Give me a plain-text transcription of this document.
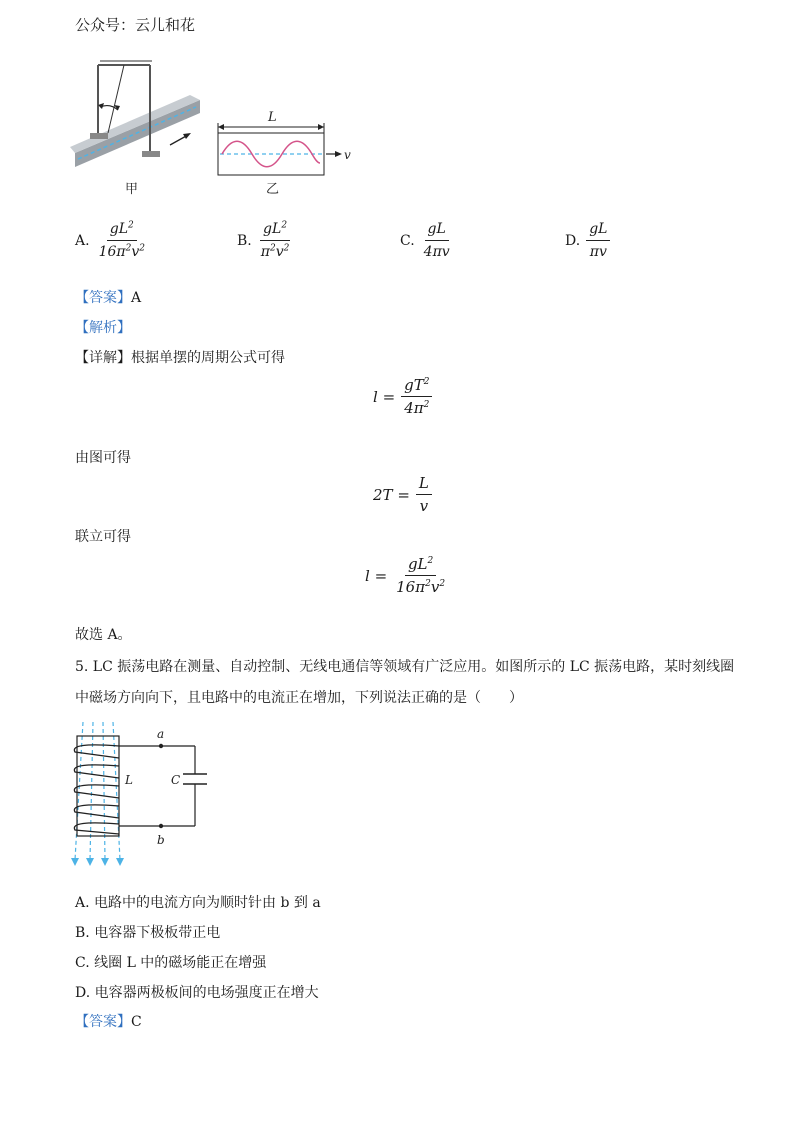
公众号：云儿和花
甲
L
v
乙
A. $\frac{gL^2}{16\pi^2v^2}$	B. $\frac{gL^2}{\pi^2v^2}$	C. $\frac{gL}{4\pi v}$	D. $\frac{gL}{\pi v}$
【答案】A
【解析】
【详解】根据单摆的周期公式可得
$l = \frac{gT^2}{4\pi^2}$
由图可得
$2T = \frac{L}{v}$
联立可得
$l = \frac{gL^2}{16\pi^2v^2}$
故选 A。
5. LC 振荡电路在测量、自动控制、无线电通信等领域有广泛应用。如图所示的 LC 振荡电路，某时刻线圈
中磁场方向向下，且电路中的电流正在增加，下列说法正确的是（　　）
a
b
L	C
A. 电路中的电流方向为顺时针由 b 到 a
B. 电容器下极板带正电
C. 线圈 L 中的磁场能正在增强
D. 电容器两极板间的电场强度正在增大
【答案】C
